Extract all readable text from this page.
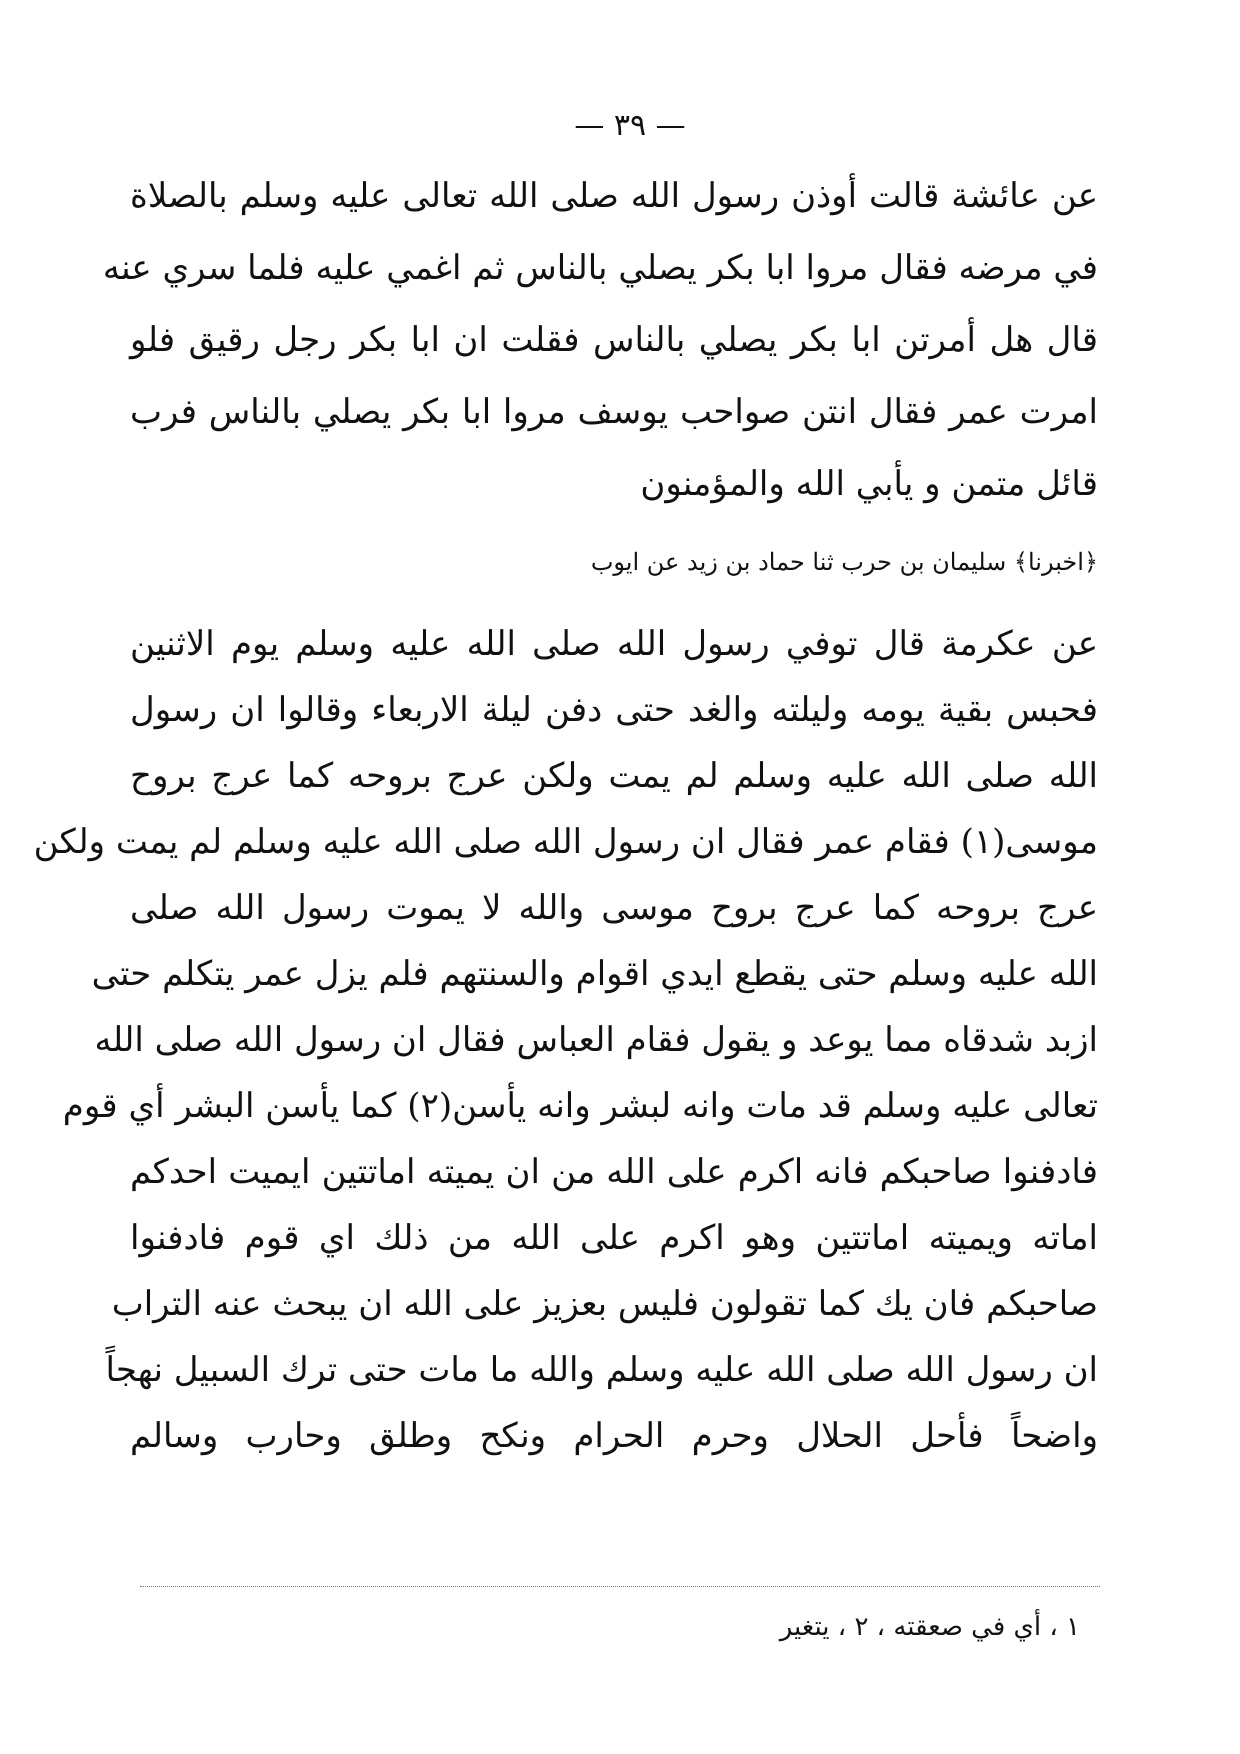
— ٣٩ —

عن عائشة قالت أوذن رسول الله صلى الله تعالى عليه وسلم بالصلاة

في مرضه فقال مروا ابا بكر يصلي بالناس ثم اغمي عليه فلما سري عنه

قال هل أمرتن ابا بكر يصلي بالناس فقلت ان ابا بكر رجل رقيق فلو

امرت عمر فقال انتن صواحب يوسف مروا ابا بكر يصلي بالناس فرب

قائل متمن و يأبي الله والمؤمنون

﴿اخبرنا﴾ سليمان بن حرب ثنا حماد بن زيد عن ايوب

عن عكرمة قال توفي رسول الله صلى الله عليه وسلم يوم الاثنين

فحبس بقية يومه وليلته والغد حتى دفن ليلة الاربعاء وقالوا ان رسول

الله صلى الله عليه وسلم لم يمت ولكن عرج بروحه كما عرج بروح

موسى(١) فقام عمر فقال ان رسول الله صلى الله عليه وسلم لم يمت ولكن

عرج بروحه كما عرج بروح موسى والله لا يموت رسول الله صلى

الله عليه وسلم حتى يقطع ايدي اقوام والسنتهم فلم يزل عمر يتكلم حتى

ازبد شدقاه مما يوعد و يقول فقام العباس فقال ان رسول الله صلى الله

تعالى عليه وسلم قد مات وانه لبشر وانه يأسن(٢) كما يأسن البشر أي قوم

فادفنوا صاحبكم فانه اكرم على الله من ان يميته اماتتين ايميت احدكم

اماته ويميته اماتتين وهو اكرم على الله من ذلك اي قوم فادفنوا

صاحبكم فان يك كما تقولون فليس بعزيز على الله ان يبحث عنه التراب

ان رسول الله صلى الله عليه وسلم والله ما مات حتى ترك السبيل نهجاً

واضحاً فأحل الحلال وحرم الحرام ونكح وطلق وحارب وسالم

١ ، أي في صعقته ، ٢ ، يتغير
